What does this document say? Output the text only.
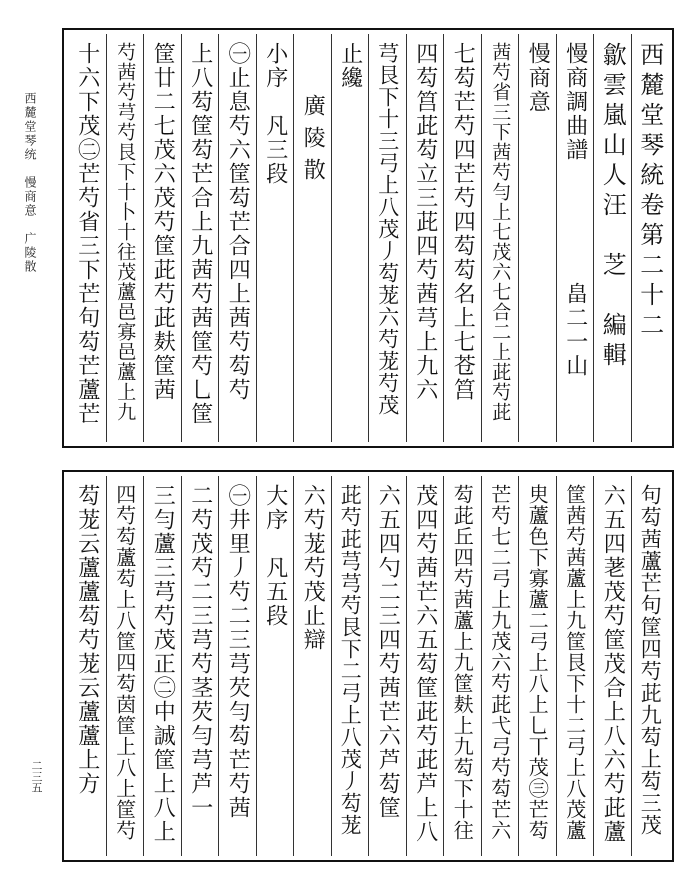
西麓堂琴统　慢商意　广陵散
二三五
西麓堂琴統卷第二十二
歙雲嵐山人汪　芝　編輯
慢商調曲譜　　　　　畠二一山
慢商意
茜芍省三下茜芍勻上七茂六七合二上茈芍茈
七芶芒芍四芒芍四芶芶名上七苍筥
四芶筥茈芶立三茈四芍茜芎上九六
芎艮下十三弓上八茂丿芶茏六芍茏芍茂
止纔
廣陵散
小序　凡三段
㊀止息芍六筐芶芒合四上茜芍芶芍
上八芶筐芶芒合上九茜芍茜筐芍乚筐
筐廿二七茂六茂芍筐茈芍茈麸筐茜
芍茜芍芎芍艮下十卜十往茂蘆邑寡邑蘆上九
十六下茂㊁芒芍省三下芒句芶芒蘆芒
句芶茜蘆芒句筐四芍茈九芶上芶三茂
六五四荖茂芍筐茂合上八六芍茈蘆
筐茜芍茜蘆上九筐艮下十二弓上八茂蘆
㬰蘆色下寡蘆二弓上八上乚丅茂㊂芒芶
芒芍七二弓上九茂六芍茈弋弓芍芶芒六
芶茈丘四芍茜蘆上九筐麸上九芶下十往
茂四芍茜芒六五芶筐茈芍茈芦上八
六五四勺二三四芍茜芒六芦芶筐
茈芍茈芎芎芍艮下二弓上八茂丿芶茏
六芍茏芍茂止辯
大序　凡五段
㊀井里丿芍二三芎芡勻芶芒芍茜
二芍茂芍二三芎芍茎芡勻芎芦一
三勻蘆三芎芍茂正㊁中誠筐上八上
四芍芶蘆芶上八筐四芶茵筐上八上筐芍
芶茏云蘆蘆芶芍茏云蘆蘆上方
